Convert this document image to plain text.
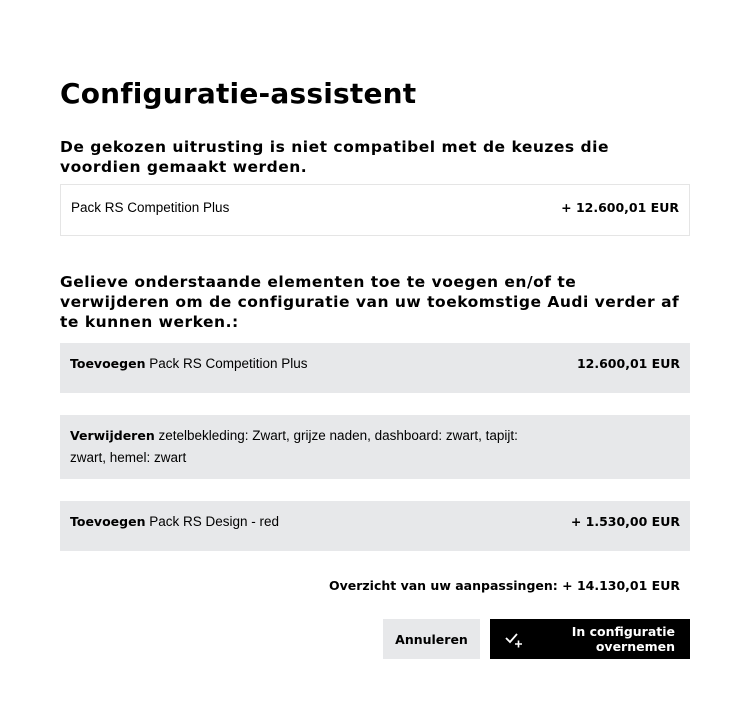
Configuratie-assistent

De gekozen uitrusting is niet compatibel met de keuzes die voordien gemaakt werden.

Pack RS Competition Plus	+ 12.600,01 EUR

Gelieve onderstaande elementen toe te voegen en/of te verwijderen om de configuratie van uw toekomstige Audi verder af te kunnen werken.:

Toevoegen Pack RS Competition Plus	12.600,01 EUR
Verwijderen zetelbekleding: Zwart, grijze naden, dashboard: zwart, tapijt: zwart, hemel: zwart
Toevoegen Pack RS Design - red	+ 1.530,00 EUR
Overzicht van uw aanpassingen: + 14.130,01 EUR
Annuleren	In configuratie overnemen
